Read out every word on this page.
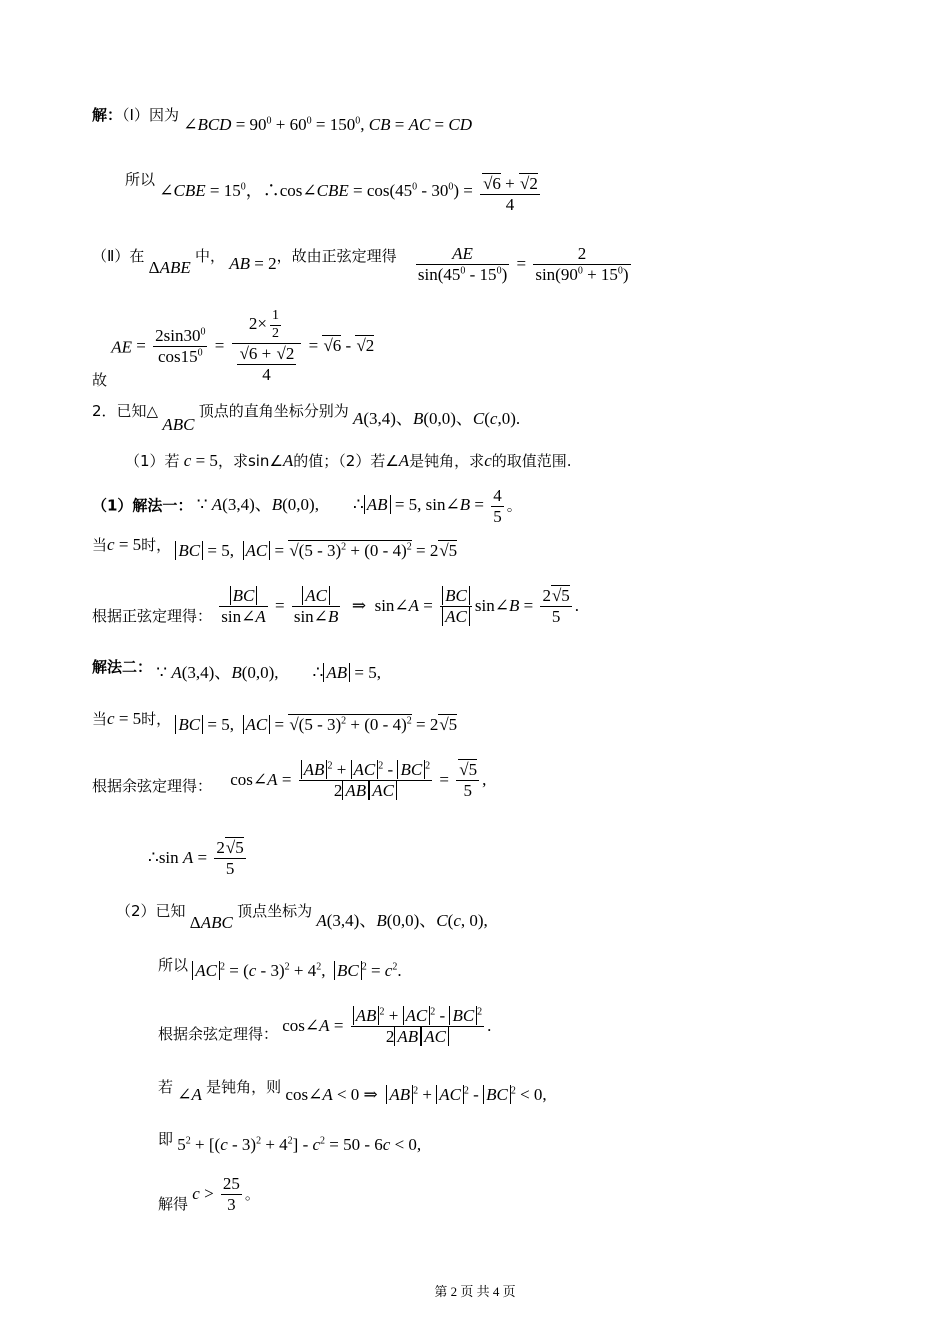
解：（Ⅰ）因为 ∠BCD = $90^0 + 60^0 = 150^0$, CB = AC = CD
所以 ∠CBE = $15^0$，∴cos∠CBE = $\cos(45^0 - 30^0) = \frac{√6 + √2}{4}$
（Ⅱ）在 ΔABE 中， AB = 2，故由正弦定理得 $\frac{AE}{\sin(45^0 - 15^0)} = \frac{2}{\sin(90^0 + 15^0)}$
故 AE = $\frac{2\sin 30^0}{\cos 15^0} = \frac{2\times \frac{1}{2}}{\frac{√6 + √2}{4}} = √6 - √2$
2．已知△ ABC 顶点的直角坐标分别为 A(3,4)、B(0,0)、C(c,0).
（1）若 c = 5，求sin∠A的值；（2）若∠A是钝角，求c的取值范围.
（1）解法一： ∵ A(3,4)、B(0,0),        ∴ AB = 5, sin∠B = $\frac{4}{5}$ 。
当c = 5时， BC = 5,  AC = √(5 - 3)$^2$ + (0 - 4)$^2$ = 2√5
根据正弦定理得： $\frac{BC}{\sin\angle A} = \frac{AC}{\sin\angle B}$ ⇒  sin∠A = $\frac{BC}{AC}$ sin∠B = $\frac{2√5}{5}$ .
解法二： ∵ A(3,4)、B(0,0),        ∴ AB = 5,
当c = 5时， BC = 5,  AC = √(5 - 3)$^2$ + (0 - 4)$^2$ = 2√5
根据余弦定理得： cos∠A = $\frac{AB ^2 + AC ^2 - BC ^2}{\text{2 AB AC}} = \frac{√5}{5}$ ,
∴sin $A = \frac{2√5}{5}$
（2）已知 ΔABC 顶点坐标为 A(3,4)、B(0,0)、C(c, 0),
所以 AC $^2 = (c - 3)^2 + 4^2$,  BC $^2 = c^2$.
根据余弦定理得： cos∠A = $\frac{AB ^2 + AC ^2 - BC ^2}{\text{2 AB AC}}$ .
若 ∠A 是钝角，则 cos∠A < 0 ⇒  AB $^2$ + AC $^2$ - BC $^2$ < 0,
即 $5^2 + [(c - 3)^2 + 4^2] - c^2 = 50 - 6c < 0$,
解得 $c > \frac{25}{3}$ 。
第 2 页 共 4 页
